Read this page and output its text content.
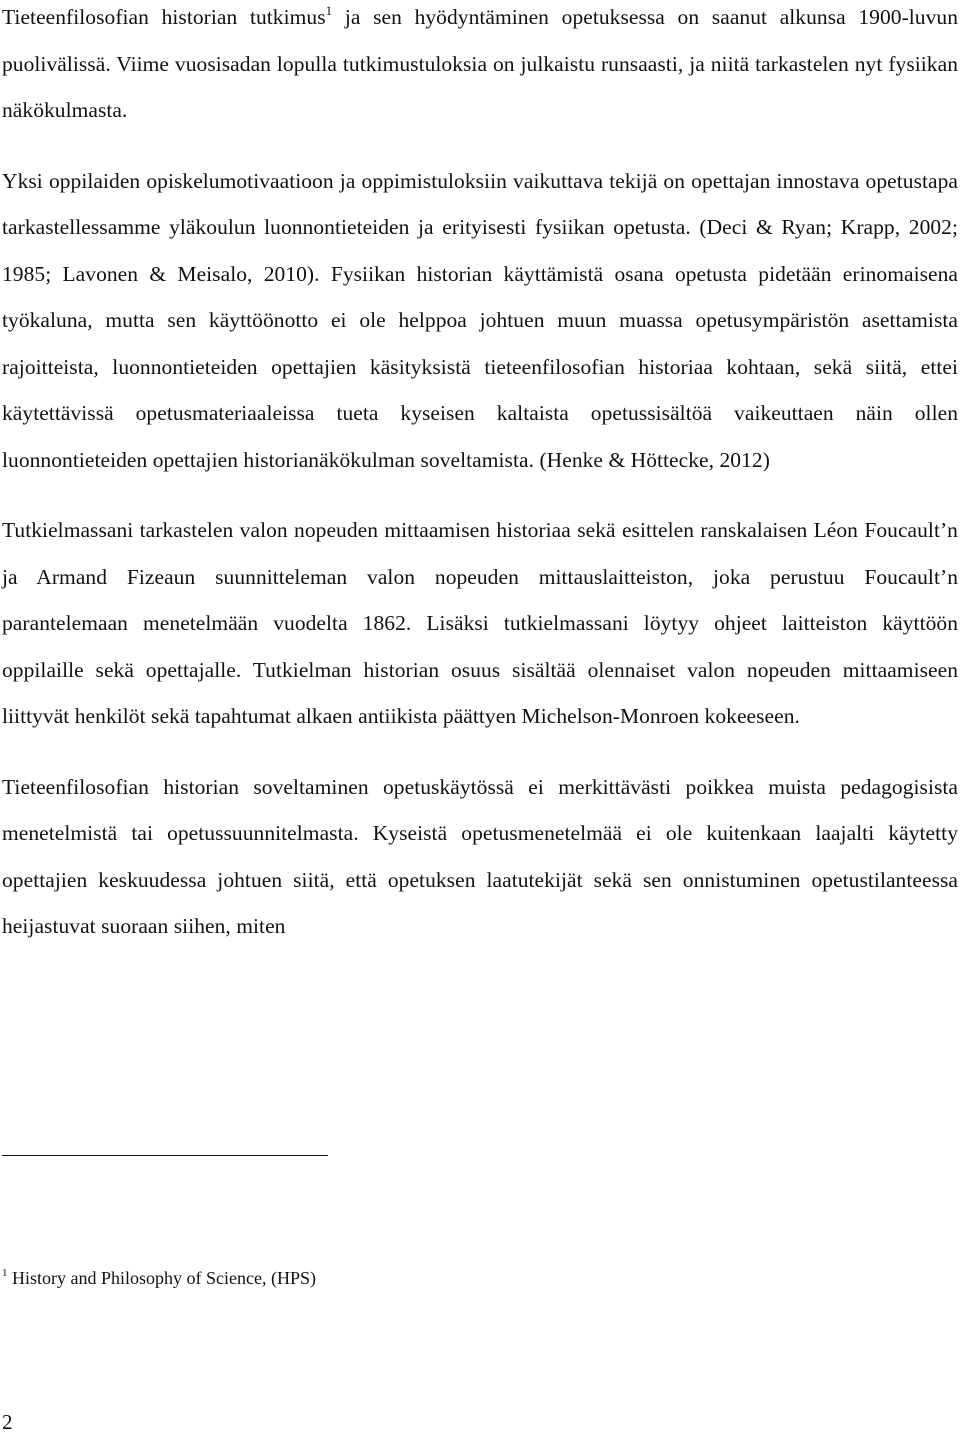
Tieteenfilosofian historian tutkimus$^1$ ja sen hyödyntäminen opetuksessa on saanut alkunsa 1900-luvun puolivälissä. Viime vuosisadan lopulla tutkimustuloksia on julkaistu runsaasti, ja niitä tarkastelen nyt fysiikan näkökulmasta.

Yksi oppilaiden opiskelumotivaatioon ja oppimistuloksiin vaikuttava tekijä on opettajan innostava opetustapa tarkastellessamme yläkoulun luonnontieteiden ja erityisesti fysiikan opetusta. (Deci & Ryan; Krapp, 2002; 1985; Lavonen & Meisalo, 2010). Fysiikan historian käyttämistä osana opetusta pidetään erinomaisena työkaluna, mutta sen käyttöönotto ei ole helppoa johtuen muun muassa opetusympäristön asettamista rajoitteista, luonnontieteiden opettajien käsityksistä tieteenfilosofian historiaa kohtaan, sekä siitä, ettei käytettävissä opetusmateriaaleissa tueta kyseisen kaltaista opetussisältöä vaikeuttaen näin ollen luonnontieteiden opettajien historianäkökulman soveltamista. (Henke & Höttecke, 2012)

Tutkielmassani tarkastelen valon nopeuden mittaamisen historiaa sekä esittelen ranskalaisen Léon Foucault’n ja Armand Fizeaun suunnitteleman valon nopeuden mittauslaitteiston, joka perustuu Foucault’n parantelemaan menetelmään vuodelta 1862. Lisäksi tutkielmassani löytyy ohjeet laitteiston käyttöön oppilaille sekä opettajalle. Tutkielman historian osuus sisältää olennaiset valon nopeuden mittaamiseen liittyvät henkilöt sekä tapahtumat alkaen antiikista päättyen Michelson-Monroen kokeeseen.

Tieteenfilosofian historian soveltaminen opetuskäytössä ei merkittävästi poikkea muista pedagogisista menetelmistä tai opetussuunnitelmasta. Kyseistä opetusmenetelmää ei ole kuitenkaan laajalti käytetty opettajien keskuudessa johtuen siitä, että opetuksen laatutekijät sekä sen onnistuminen opetustilanteessa heijastuvat suoraan siihen, miten

$^1$ History and Philosophy of Science, (HPS)

2
